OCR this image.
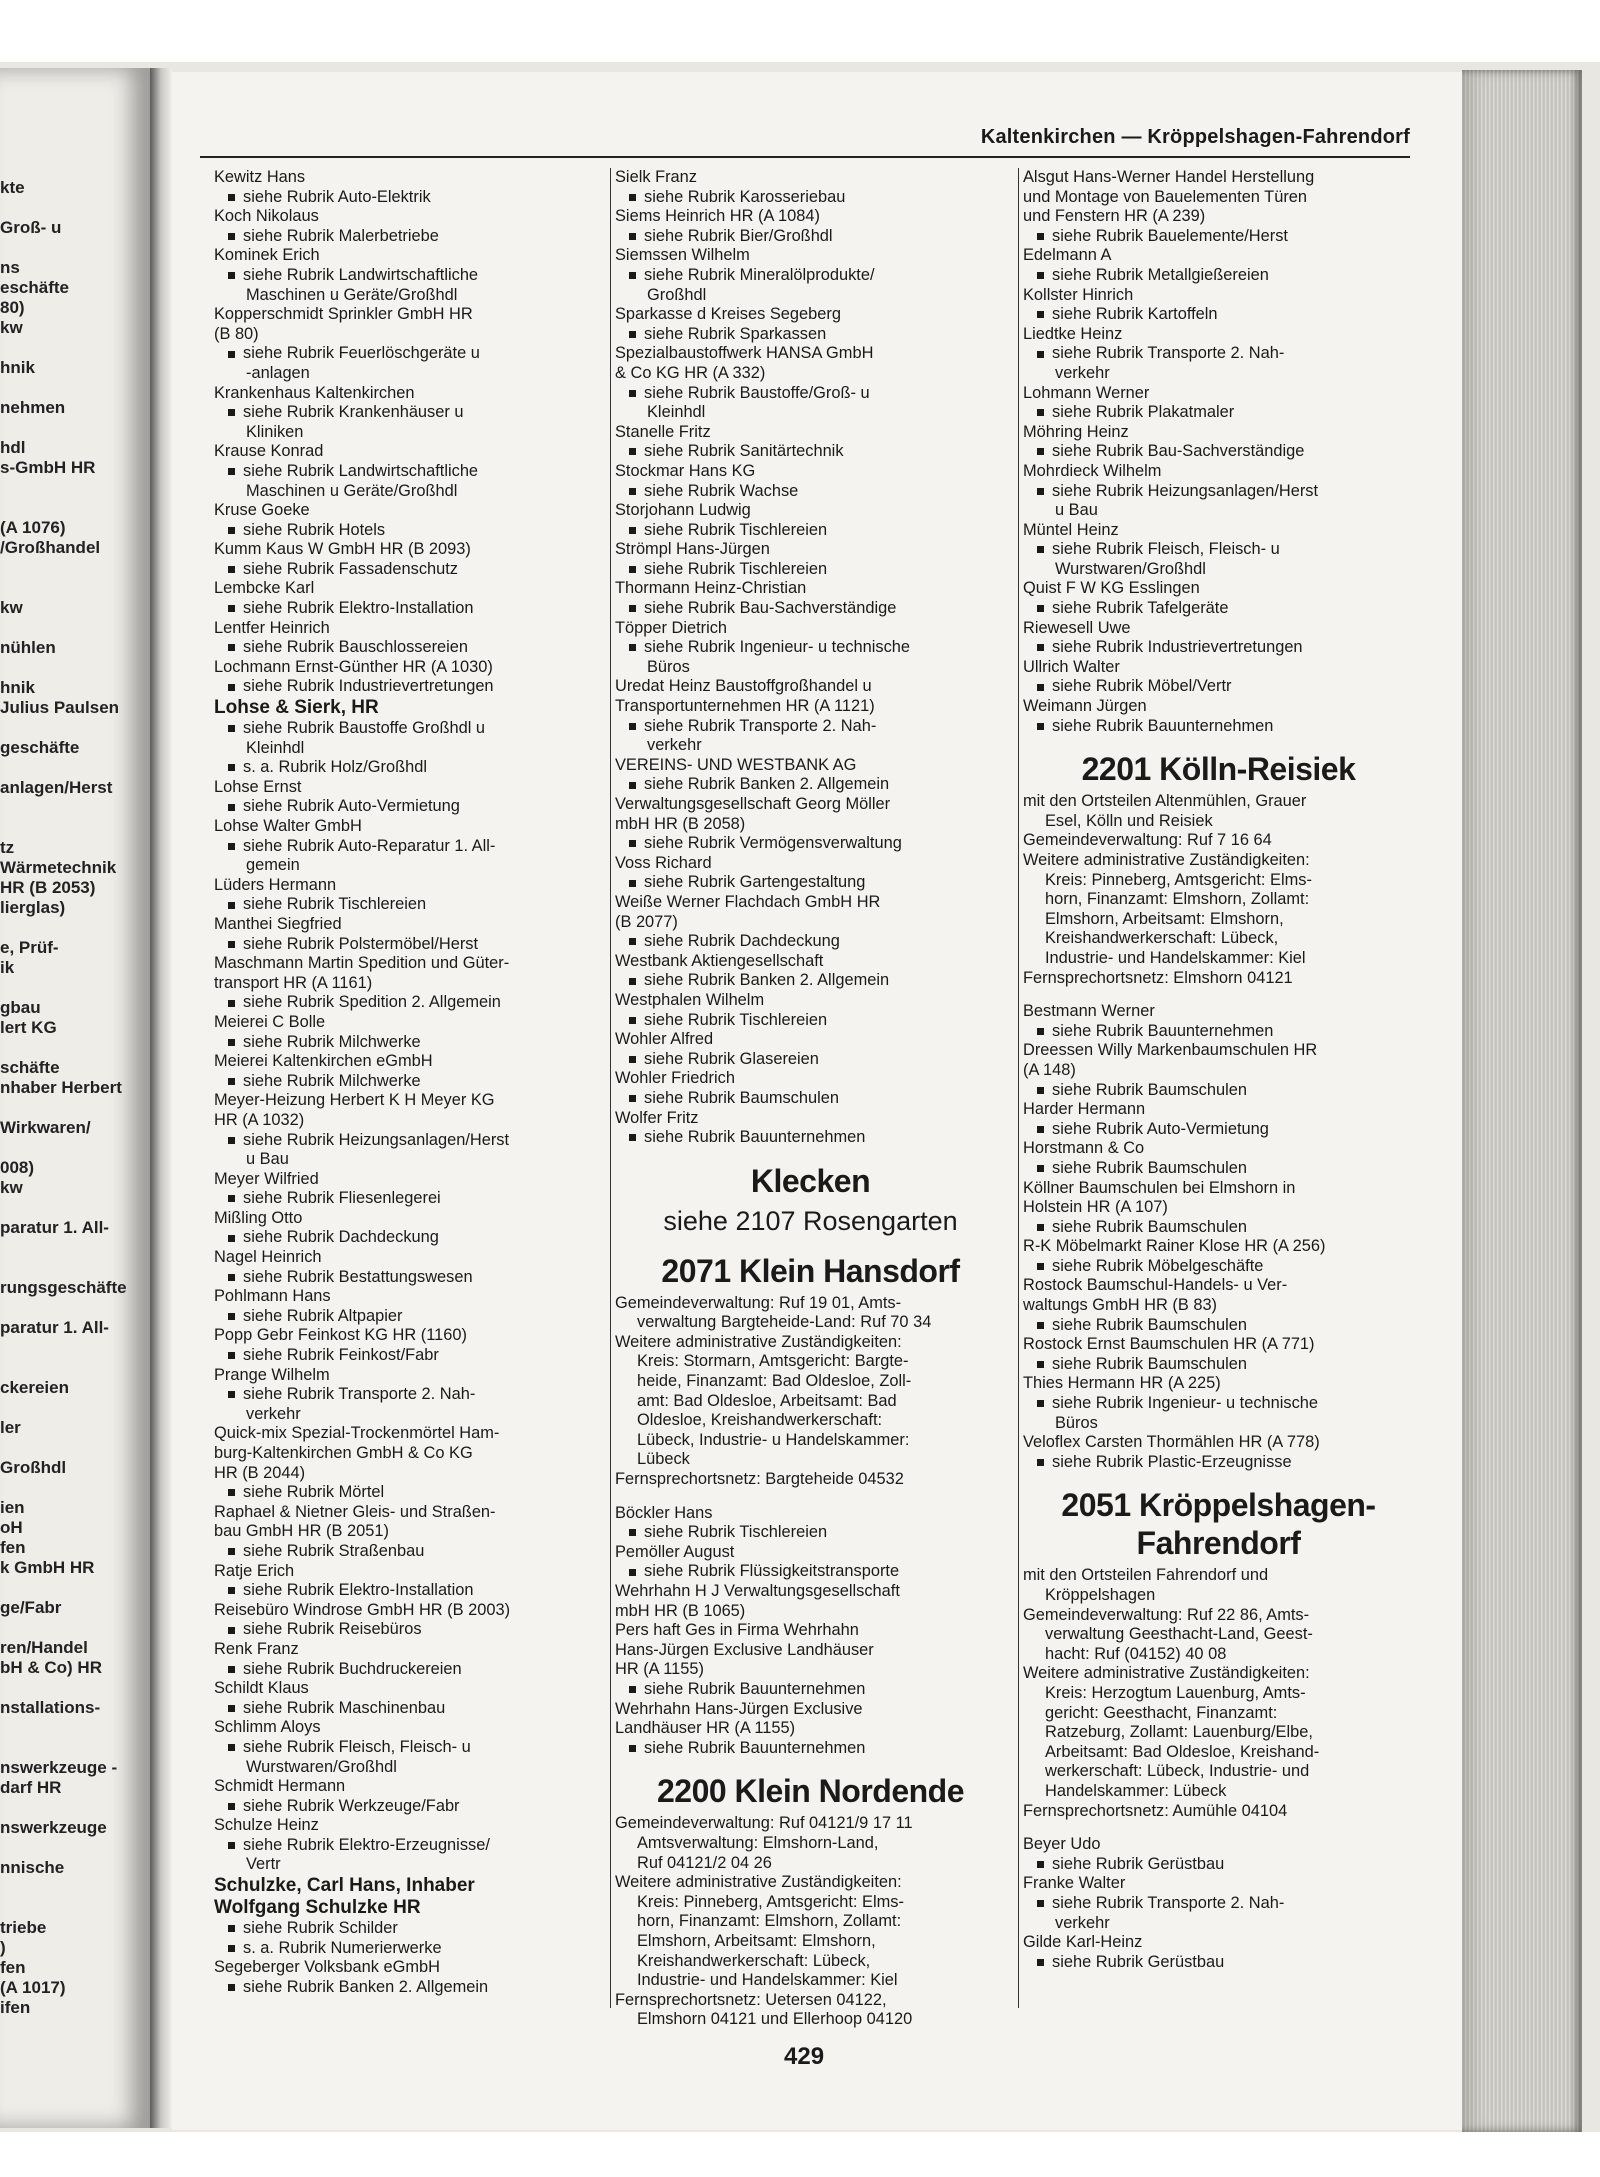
kte
Groß- u
ns
eschäfte
80)
kw
hnik
nehmen
hdl
s-GmbH HR
(A 1076)
/Großhandel
kw
nühlen
hnik
Julius Paulsen
geschäfte
anlagen/Herst
tz
Wärmetechnik
HR (B 2053)
lierglas)
e, Prüf-
ik
gbau
lert KG
schäfte
nhaber Herbert
Wirkwaren/
008)
kw
paratur 1. All-
rungsgeschäfte
paratur 1. All-
ckereien
ler
Großhdl
ien
oH
fen
k GmbH HR
ge/Fabr
ren/Handel
bH & Co) HR
nstallations-
nswerkzeuge -
darf HR
nswerkzeuge
nnische
triebe
)
fen
(A 1017)
ifen
Kaltenkirchen — Kröppelshagen-Fahrendorf
Kewitz Hans
siehe Rubrik Auto-Elektrik
Koch Nikolaus
siehe Rubrik Malerbetriebe
Kominek Erich
siehe Rubrik Landwirtschaftliche
Maschinen u Geräte/Großhdl
Kopperschmidt Sprinkler GmbH HR
(B 80)
siehe Rubrik Feuerlöschgeräte u
-anlagen
Krankenhaus Kaltenkirchen
siehe Rubrik Krankenhäuser u
Kliniken
Krause Konrad
siehe Rubrik Landwirtschaftliche
Maschinen u Geräte/Großhdl
Kruse Goeke
siehe Rubrik Hotels
Kumm Kaus W GmbH HR (B 2093)
siehe Rubrik Fassadenschutz
Lembcke Karl
siehe Rubrik Elektro-Installation
Lentfer Heinrich
siehe Rubrik Bauschlossereien
Lochmann Ernst-Günther HR (A 1030)
siehe Rubrik Industrievertretungen
Lohse & Sierk, HR
siehe Rubrik Baustoffe Großhdl u
Kleinhdl
s. a. Rubrik Holz/Großhdl
Lohse Ernst
siehe Rubrik Auto-Vermietung
Lohse Walter GmbH
siehe Rubrik Auto-Reparatur 1. All-
gemein
Lüders Hermann
siehe Rubrik Tischlereien
Manthei Siegfried
siehe Rubrik Polstermöbel/Herst
Maschmann Martin Spedition und Güter-
transport HR (A 1161)
siehe Rubrik Spedition 2. Allgemein
Meierei C Bolle
siehe Rubrik Milchwerke
Meierei Kaltenkirchen eGmbH
siehe Rubrik Milchwerke
Meyer-Heizung Herbert K H Meyer KG
HR (A 1032)
siehe Rubrik Heizungsanlagen/Herst
u Bau
Meyer Wilfried
siehe Rubrik Fliesenlegerei
Mißling Otto
siehe Rubrik Dachdeckung
Nagel Heinrich
siehe Rubrik Bestattungswesen
Pohlmann Hans
siehe Rubrik Altpapier
Popp Gebr Feinkost KG HR (1160)
siehe Rubrik Feinkost/Fabr
Prange Wilhelm
siehe Rubrik Transporte 2. Nah-
verkehr
Quick-mix Spezial-Trockenmörtel Ham-
burg-Kaltenkirchen GmbH & Co KG
HR (B 2044)
siehe Rubrik Mörtel
Raphael & Nietner Gleis- und Straßen-
bau GmbH HR (B 2051)
siehe Rubrik Straßenbau
Ratje Erich
siehe Rubrik Elektro-Installation
Reisebüro Windrose GmbH HR (B 2003)
siehe Rubrik Reisebüros
Renk Franz
siehe Rubrik Buchdruckereien
Schildt Klaus
siehe Rubrik Maschinenbau
Schlimm Aloys
siehe Rubrik Fleisch, Fleisch- u
Wurstwaren/Großhdl
Schmidt Hermann
siehe Rubrik Werkzeuge/Fabr
Schulze Heinz
siehe Rubrik Elektro-Erzeugnisse/
Vertr
Schulzke, Carl Hans, Inhaber
Wolfgang Schulzke HR
siehe Rubrik Schilder
s. a. Rubrik Numerierwerke
Segeberger Volksbank eGmbH
siehe Rubrik Banken 2. Allgemein
Sielk Franz
siehe Rubrik Karosseriebau
Siems Heinrich HR (A 1084)
siehe Rubrik Bier/Großhdl
Siemssen Wilhelm
siehe Rubrik Mineralölprodukte/
Großhdl
Sparkasse d Kreises Segeberg
siehe Rubrik Sparkassen
Spezialbaustoffwerk HANSA GmbH
& Co KG HR (A 332)
siehe Rubrik Baustoffe/Groß- u
Kleinhdl
Stanelle Fritz
siehe Rubrik Sanitärtechnik
Stockmar Hans KG
siehe Rubrik Wachse
Storjohann Ludwig
siehe Rubrik Tischlereien
Strömpl Hans-Jürgen
siehe Rubrik Tischlereien
Thormann Heinz-Christian
siehe Rubrik Bau-Sachverständige
Töpper Dietrich
siehe Rubrik Ingenieur- u technische
Büros
Uredat Heinz Baustoffgroßhandel u
Transportunternehmen HR (A 1121)
siehe Rubrik Transporte 2. Nah-
verkehr
VEREINS- UND WESTBANK AG
siehe Rubrik Banken 2. Allgemein
Verwaltungsgesellschaft Georg Möller
mbH HR (B 2058)
siehe Rubrik Vermögensverwaltung
Voss Richard
siehe Rubrik Gartengestaltung
Weiße Werner Flachdach GmbH HR
(B 2077)
siehe Rubrik Dachdeckung
Westbank Aktiengesellschaft
siehe Rubrik Banken 2. Allgemein
Westphalen Wilhelm
siehe Rubrik Tischlereien
Wohler Alfred
siehe Rubrik Glasereien
Wohler Friedrich
siehe Rubrik Baumschulen
Wolfer Fritz
siehe Rubrik Bauunternehmen
Klecken
siehe 2107 Rosengarten
2071 Klein Hansdorf
Gemeindeverwaltung: Ruf 19 01, Amts-
verwaltung Bargteheide-Land: Ruf 70 34
Weitere administrative Zuständigkeiten:
Kreis: Stormarn, Amtsgericht: Bargte-
heide, Finanzamt: Bad Oldesloe, Zoll-
amt: Bad Oldesloe, Arbeitsamt: Bad
Oldesloe, Kreishandwerkerschaft:
Lübeck, Industrie- u Handelskammer:
Lübeck
Fernsprechortsnetz: Bargteheide 04532
Böckler Hans
siehe Rubrik Tischlereien
Pemöller August
siehe Rubrik Flüssigkeitstransporte
Wehrhahn H J Verwaltungsgesellschaft
mbH HR (B 1065)
Pers haft Ges in Firma Wehrhahn
Hans-Jürgen Exclusive Landhäuser
HR (A 1155)
siehe Rubrik Bauunternehmen
Wehrhahn Hans-Jürgen Exclusive
Landhäuser HR (A 1155)
siehe Rubrik Bauunternehmen
2200 Klein Nordende
Gemeindeverwaltung: Ruf 04121/9 17 11
Amtsverwaltung: Elmshorn-Land,
Ruf 04121/2 04 26
Weitere administrative Zuständigkeiten:
Kreis: Pinneberg, Amtsgericht: Elms-
horn, Finanzamt: Elmshorn, Zollamt:
Elmshorn, Arbeitsamt: Elmshorn,
Kreishandwerkerschaft: Lübeck,
Industrie- und Handelskammer: Kiel
Fernsprechortsnetz: Uetersen 04122,
Elmshorn 04121 und Ellerhoop 04120
Alsgut Hans-Werner Handel Herstellung
und Montage von Bauelementen Türen
und Fenstern HR (A 239)
siehe Rubrik Bauelemente/Herst
Edelmann A
siehe Rubrik Metallgießereien
Kollster Hinrich
siehe Rubrik Kartoffeln
Liedtke Heinz
siehe Rubrik Transporte 2. Nah-
verkehr
Lohmann Werner
siehe Rubrik Plakatmaler
Möhring Heinz
siehe Rubrik Bau-Sachverständige
Mohrdieck Wilhelm
siehe Rubrik Heizungsanlagen/Herst
u Bau
Müntel Heinz
siehe Rubrik Fleisch, Fleisch- u
Wurstwaren/Großhdl
Quist F W KG Esslingen
siehe Rubrik Tafelgeräte
Riewesell Uwe
siehe Rubrik Industrievertretungen
Ullrich Walter
siehe Rubrik Möbel/Vertr
Weimann Jürgen
siehe Rubrik Bauunternehmen
2201 Kölln-Reisiek
mit den Ortsteilen Altenmühlen, Grauer
Esel, Kölln und Reisiek
Gemeindeverwaltung: Ruf 7 16 64
Weitere administrative Zuständigkeiten:
Kreis: Pinneberg, Amtsgericht: Elms-
horn, Finanzamt: Elmshorn, Zollamt:
Elmshorn, Arbeitsamt: Elmshorn,
Kreishandwerkerschaft: Lübeck,
Industrie- und Handelskammer: Kiel
Fernsprechortsnetz: Elmshorn 04121
Bestmann Werner
siehe Rubrik Bauunternehmen
Dreessen Willy Markenbaumschulen HR
(A 148)
siehe Rubrik Baumschulen
Harder Hermann
siehe Rubrik Auto-Vermietung
Horstmann & Co
siehe Rubrik Baumschulen
Köllner Baumschulen bei Elmshorn in
Holstein HR (A 107)
siehe Rubrik Baumschulen
R-K Möbelmarkt Rainer Klose HR (A 256)
siehe Rubrik Möbelgeschäfte
Rostock Baumschul-Handels- u Ver-
waltungs GmbH HR (B 83)
siehe Rubrik Baumschulen
Rostock Ernst Baumschulen HR (A 771)
siehe Rubrik Baumschulen
Thies Hermann HR (A 225)
siehe Rubrik Ingenieur- u technische
Büros
Veloflex Carsten Thormählen HR (A 778)
siehe Rubrik Plastic-Erzeugnisse
2051 Kröppelshagen-
Fahrendorf
mit den Ortsteilen Fahrendorf und
Kröppelshagen
Gemeindeverwaltung: Ruf 22 86, Amts-
verwaltung Geesthacht-Land, Geest-
hacht: Ruf (04152) 40 08
Weitere administrative Zuständigkeiten:
Kreis: Herzogtum Lauenburg, Amts-
gericht: Geesthacht, Finanzamt:
Ratzeburg, Zollamt: Lauenburg/Elbe,
Arbeitsamt: Bad Oldesloe, Kreishand-
werkerschaft: Lübeck, Industrie- und
Handelskammer: Lübeck
Fernsprechortsnetz: Aumühle 04104
Beyer Udo
siehe Rubrik Gerüstbau
Franke Walter
siehe Rubrik Transporte 2. Nah-
verkehr
Gilde Karl-Heinz
siehe Rubrik Gerüstbau
429
